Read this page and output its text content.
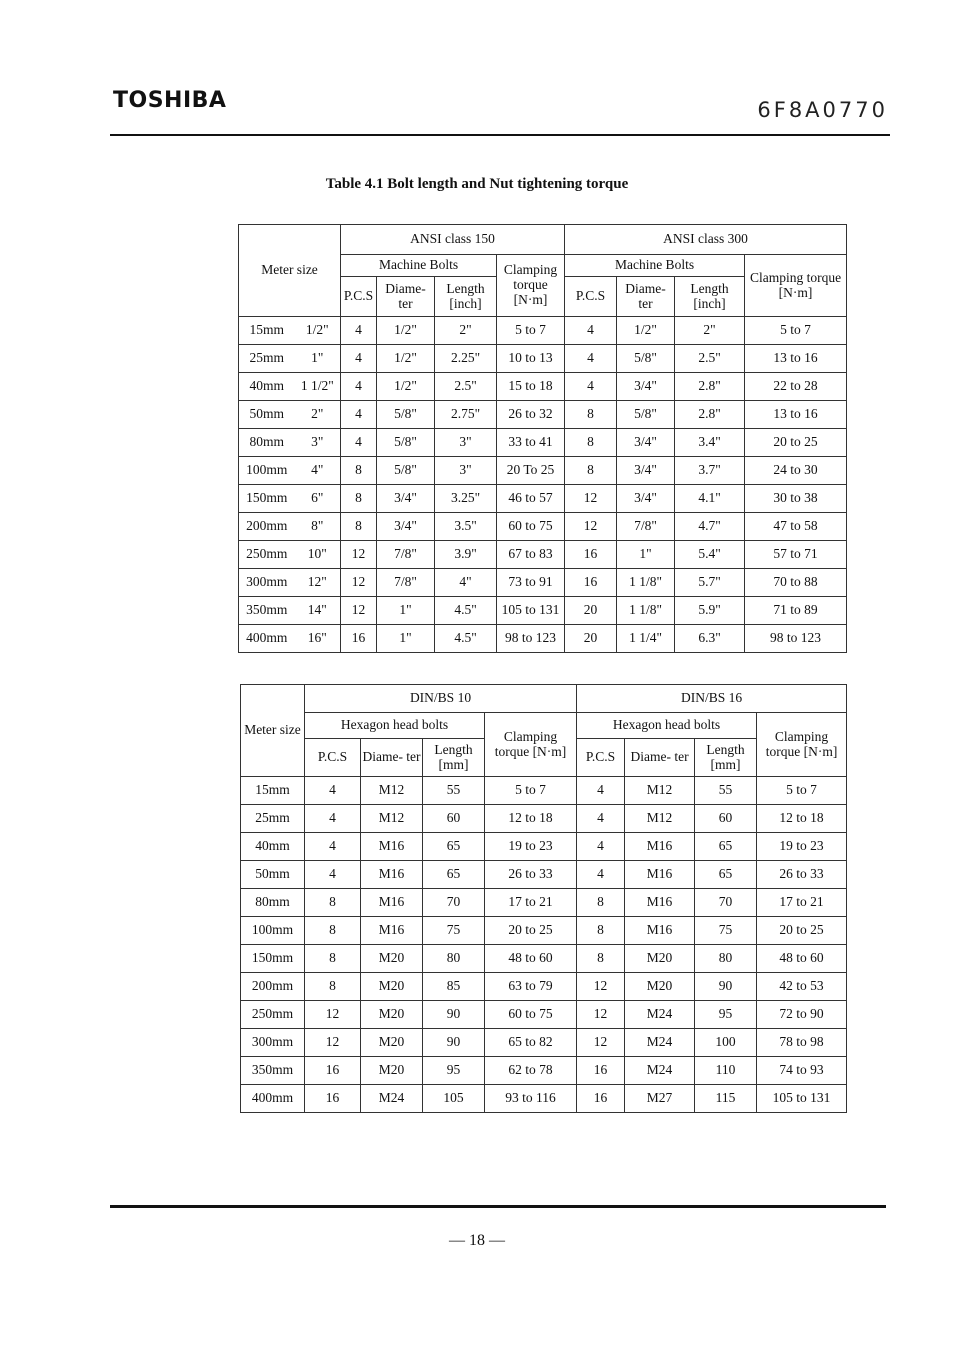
TOSHIBA	6F8A0770
Table 4.1 Bolt length and Nut tightening torque
Meter size		ANSI class 150				ANSI class 300			
		Machine Bolts			Clamping torque [N·m]	Machine Bolts			Clamping torque [N·m]
		P.C.S	Diame- ter	Length [inch]		P.C.S	Diame- ter	Length [inch]	
15mm	1/2"	4	1/2"	2"	5 to 7	4	1/2"	2"	5 to 7
25mm	1"	4	1/2"	2.25"	10 to 13	4	5/8"	2.5"	13 to 16
40mm	1 1/2"	4	1/2"	2.5"	15 to 18	4	3/4"	2.8"	22 to 28
50mm	2"	4	5/8"	2.75"	26 to 32	8	5/8"	2.8"	13 to 16
80mm	3"	4	5/8"	3"	33 to 41	8	3/4"	3.4"	20 to 25
100mm	4"	8	5/8"	3"	20 To 25	8	3/4"	3.7"	24 to 30
150mm	6"	8	3/4"	3.25"	46 to 57	12	3/4"	4.1"	30 to 38
200mm	8"	8	3/4"	3.5"	60 to 75	12	7/8"	4.7"	47 to 58
250mm	10"	12	7/8"	3.9"	67 to 83	16	1"	5.4"	57 to 71
300mm	12"	12	7/8"	4"	73 to 91	16	1 1/8"	5.7"	70 to 88
350mm	14"	12	1"	4.5"	105 to 131	20	1 1/8"	5.9"	71 to 89
400mm	16"	16	1"	4.5"	98 to 123	20	1 1/4"	6.3"	98 to 123
Meter size	DIN/BS 10				DIN/BS 16			
	Hexagon head bolts			Clamping torque [N·m]	Hexagon head bolts			Clamping torque [N·m]
	P.C.S	Diame- ter	Length [mm]		P.C.S	Diame- ter	Length [mm]	
15mm	4	M12	55	5 to 7	4	M12	55	5 to 7
25mm	4	M12	60	12 to 18	4	M12	60	12 to 18
40mm	4	M16	65	19 to 23	4	M16	65	19 to 23
50mm	4	M16	65	26 to 33	4	M16	65	26 to 33
80mm	8	M16	70	17 to 21	8	M16	70	17 to 21
100mm	8	M16	75	20 to 25	8	M16	75	20 to 25
150mm	8	M20	80	48 to 60	8	M20	80	48 to 60
200mm	8	M20	85	63 to 79	12	M20	90	42 to 53
250mm	12	M20	90	60 to 75	12	M24	95	72 to 90
300mm	12	M20	90	65 to 82	12	M24	100	78 to 98
350mm	16	M20	95	62 to 78	16	M24	110	74 to 93
400mm	16	M24	105	93 to 116	16	M27	115	105 to 131
— 18 —
